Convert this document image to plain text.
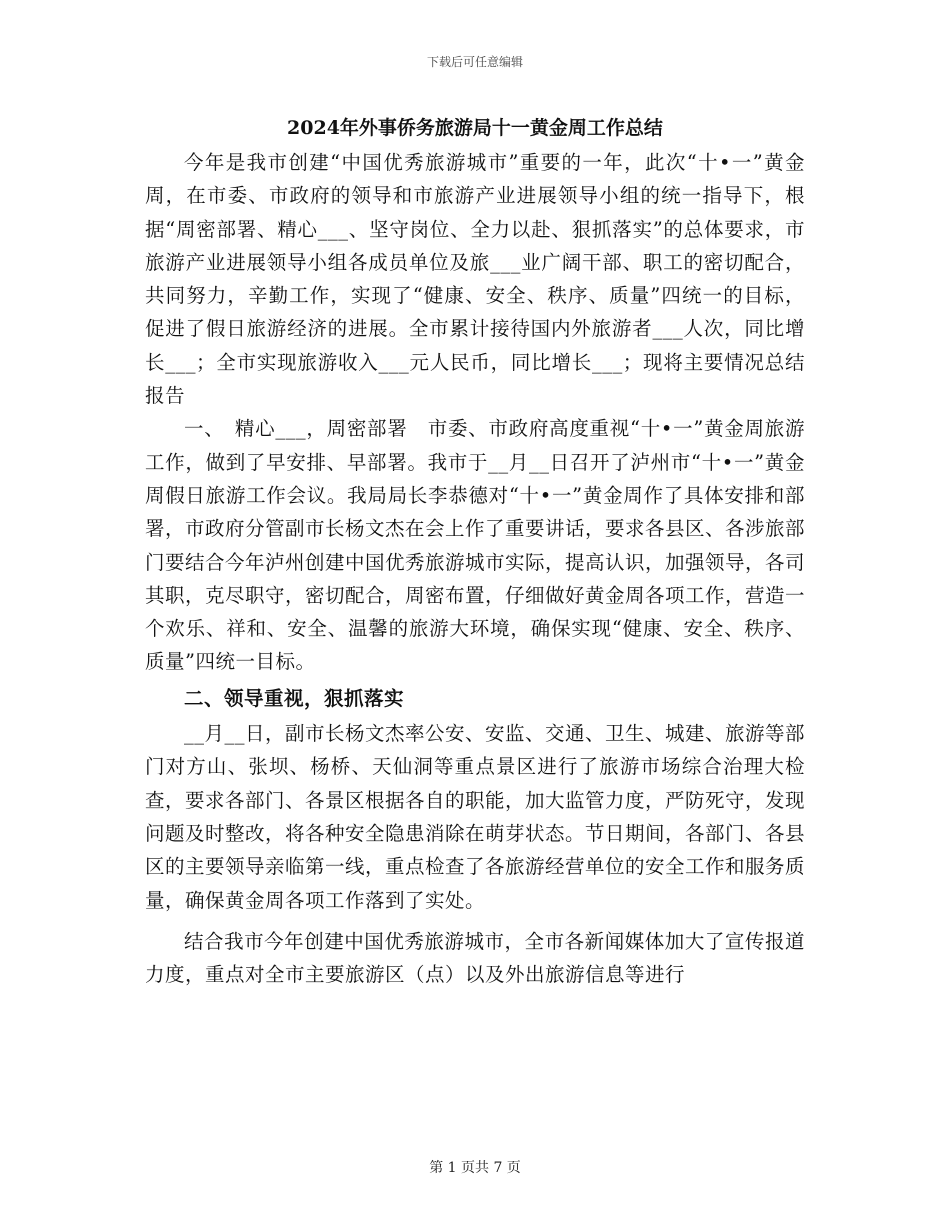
下载后可任意编辑
2024年外事侨务旅游局十一黄金周工作总结

今年是我市创建“中国优秀旅游城市”重要的一年，此次“十•一”黄金周，在市委、市政府的领导和市旅游产业进展领导小组的统一指导下，根据“周密部署、精心___、坚守岗位、全力以赴、狠抓落实”的总体要求，市旅游产业进展领导小组各成员单位及旅___业广阔干部、职工的密切配合，共同努力，辛勤工作，实现了“健康、安全、秩序、质量”四统一的目标，促进了假日旅游经济的进展。全市累计接待国内外旅游者___人次，同比增长___；全市实现旅游收入___元人民币，同比增长___；现将主要情况总结报告

一、　精心___，周密部署　市委、市政府高度重视“十•一”黄金周旅游工作，做到了早安排、早部署。我市于__月__日召开了泸州市“十•一”黄金周假日旅游工作会议。我局局长李恭德对“十•一”黄金周作了具体安排和部署，市政府分管副市长杨文杰在会上作了重要讲话，要求各县区、各涉旅部门要结合今年泸州创建中国优秀旅游城市实际，提高认识，加强领导，各司其职，克尽职守，密切配合，周密布置，仔细做好黄金周各项工作，营造一个欢乐、祥和、安全、温馨的旅游大环境，确保实现“健康、安全、秩序、质量”四统一目标。

二、领导重视，狠抓落实

__月__日，副市长杨文杰率公安、安监、交通、卫生、城建、旅游等部门对方山、张坝、杨桥、天仙洞等重点景区进行了旅游市场综合治理大检查，要求各部门、各景区根据各自的职能，加大监管力度，严防死守，发现问题及时整改，将各种安全隐患消除在萌芽状态。节日期间，各部门、各县区的主要领导亲临第一线，重点检查了各旅游经营单位的安全工作和服务质量，确保黄金周各项工作落到了实处。

结合我市今年创建中国优秀旅游城市，全市各新闻媒体加大了宣传报道力度，重点对全市主要旅游区（点）以及外出旅游信息等进行

第 1 页共 7 页
